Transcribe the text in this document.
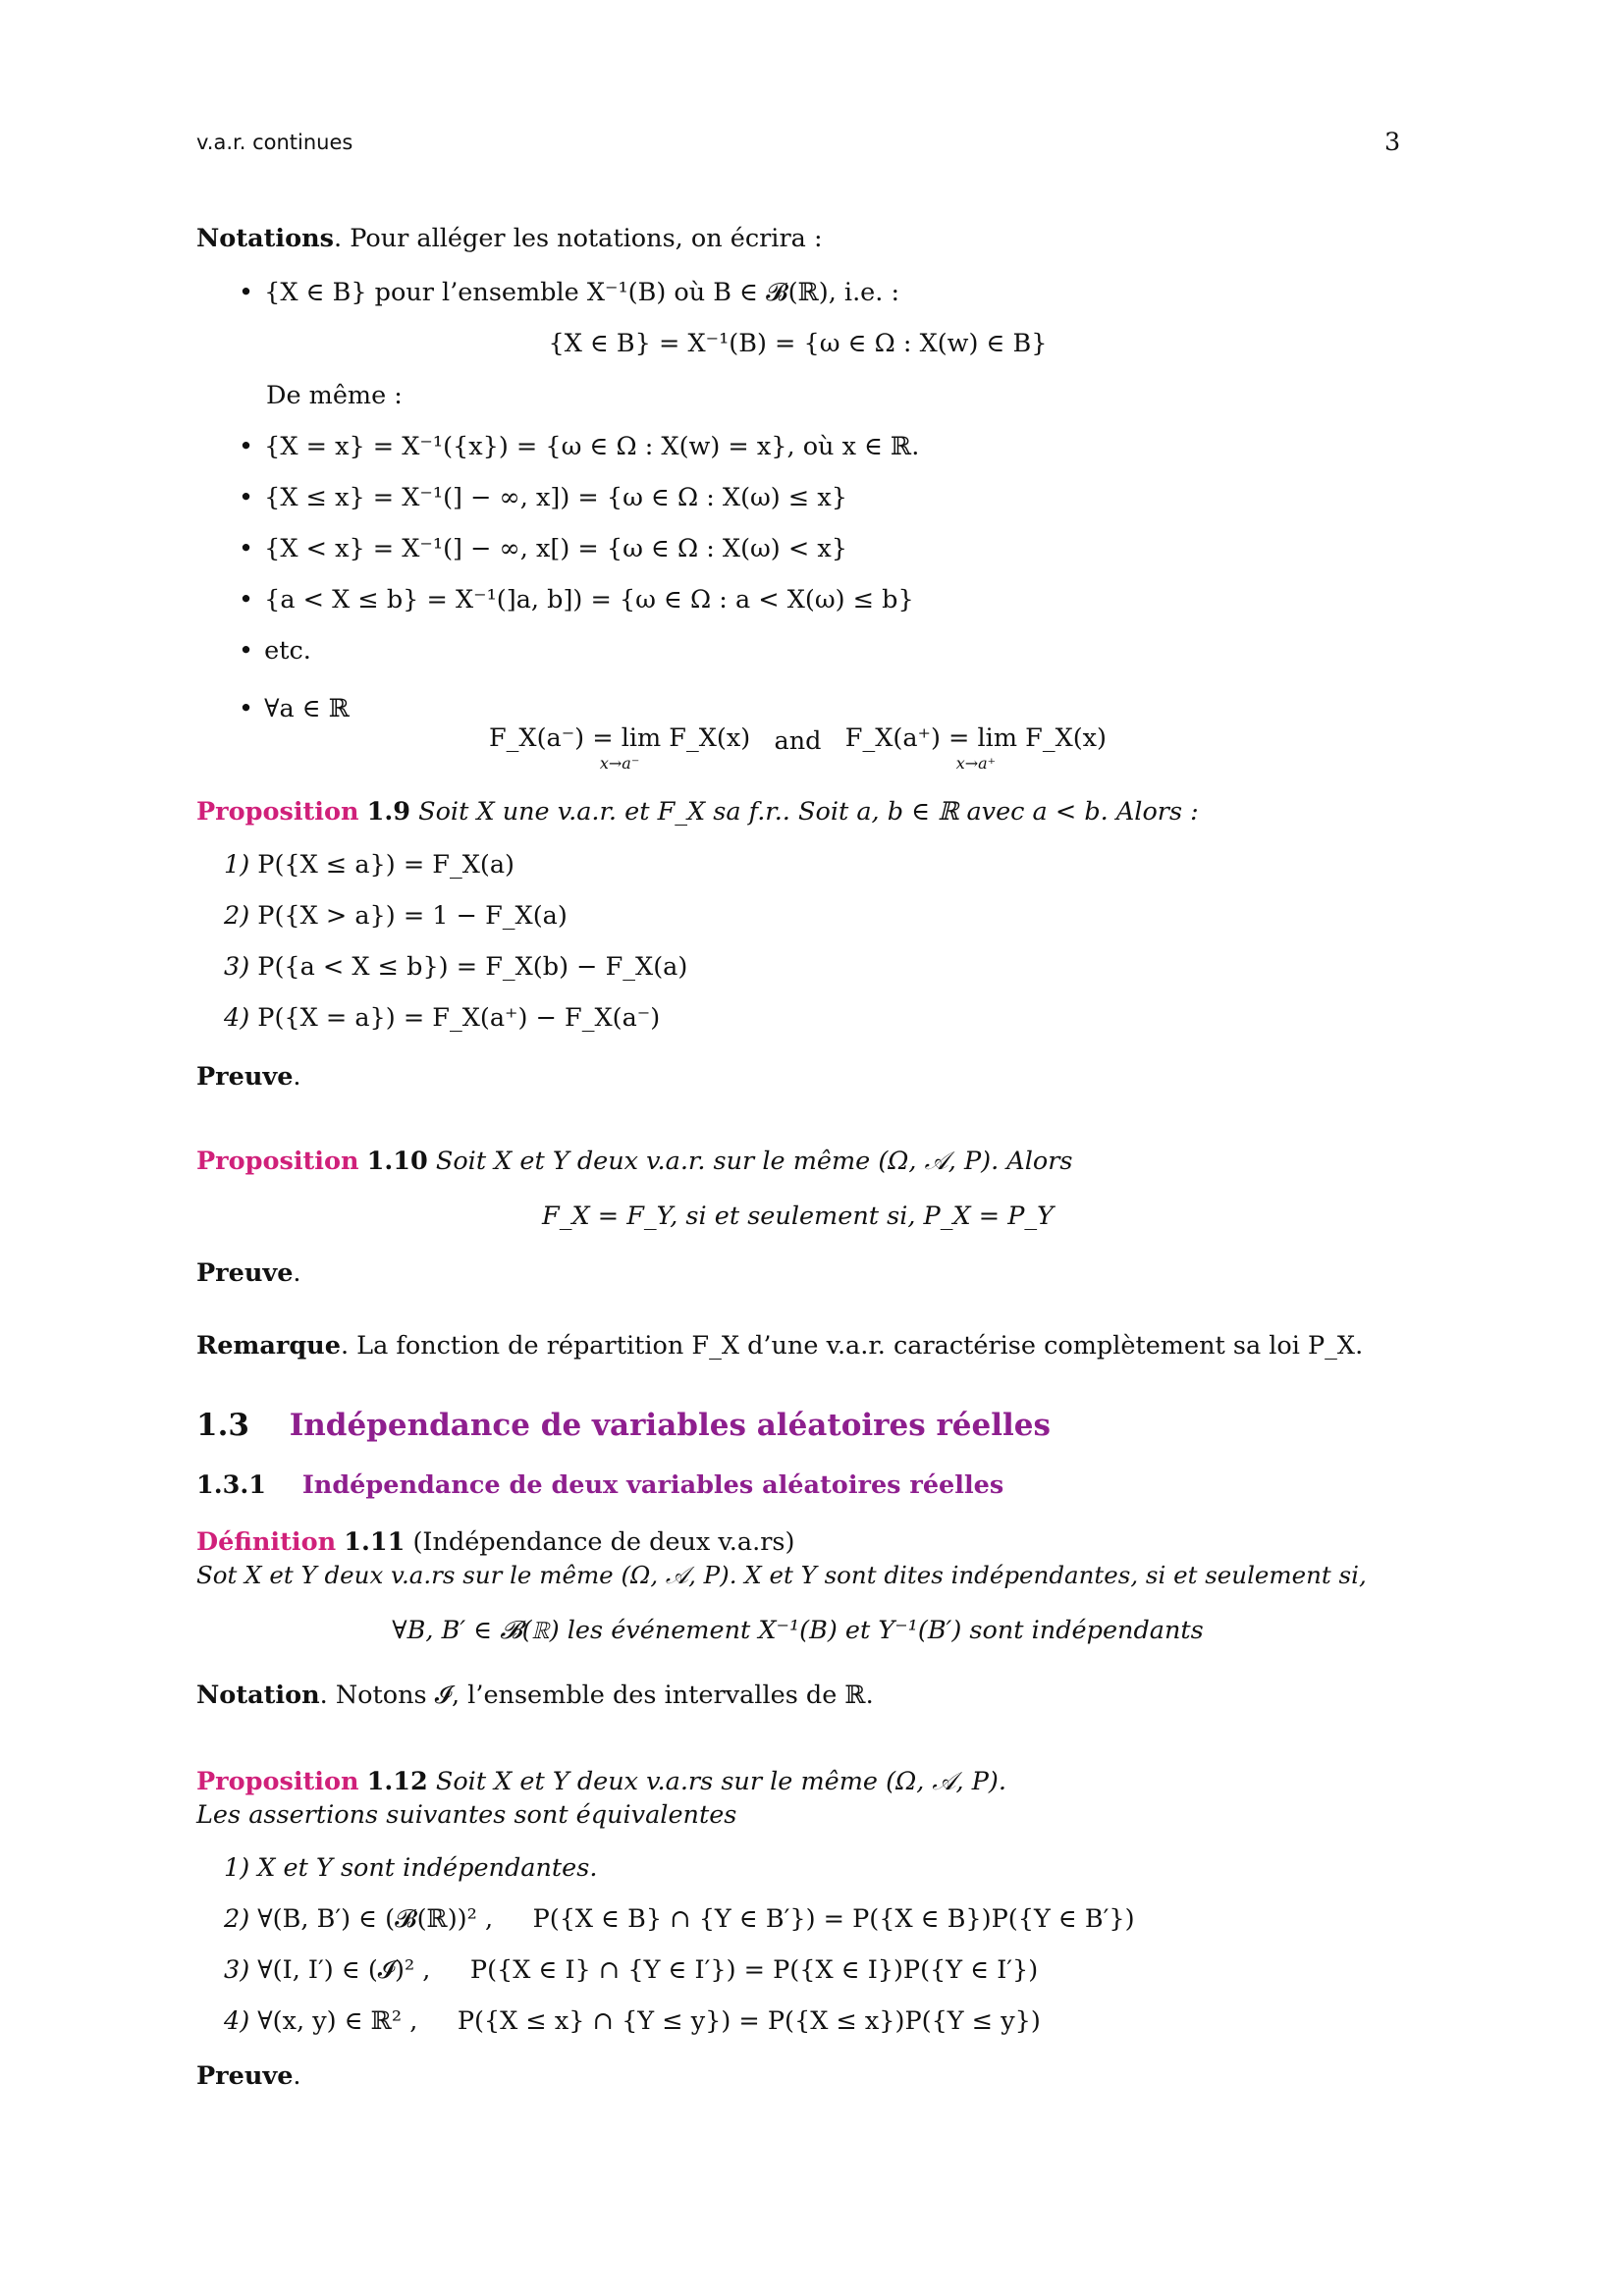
v.a.r. continues	3
Notations. Pour alléger les notations, on écrira :
• {X ∈ B} pour l’ensemble X⁻¹(B) où B ∈ 𝓑(ℝ), i.e. :
{X ∈ B} = X⁻¹(B) = {ω ∈ Ω : X(w) ∈ B}
De même :
• {X = x} = X⁻¹({x}) = {ω ∈ Ω : X(w) = x}, où x ∈ ℝ.
• {X ≤ x} = X⁻¹(] − ∞, x]) = {ω ∈ Ω : X(ω) ≤ x}
• {X < x} = X⁻¹(] − ∞, x[) = {ω ∈ Ω : X(ω) < x}
• {a < X ≤ b} = X⁻¹(]a, b]) = {ω ∈ Ω : a < X(ω) ≤ b}
• etc.
• ∀a ∈ ℝ
F_X(a⁻) = lim F_X(x)
x→a⁻
and F_X(a⁺) = lim F_X(x)
x→a⁺
Proposition 1.9 Soit X une v.a.r. et F_X sa f.r.. Soit a, b ∈ ℝ avec a < b. Alors :
1) P({X ≤ a}) = F_X(a)
2) P({X > a}) = 1 − F_X(a)
3) P({a < X ≤ b}) = F_X(b) − F_X(a)
4) P({X = a}) = F_X(a⁺) − F_X(a⁻)
Preuve.
Proposition 1.10 Soit X et Y deux v.a.r. sur le même (Ω, 𝒜, P). Alors
F_X = F_Y, si et seulement si, P_X = P_Y
Preuve.
Remarque. La fonction de répartition F_X d’une v.a.r. caractérise complètement sa loi P_X.
1.3 Indépendance de variables aléatoires réelles
1.3.1 Indépendance de deux variables aléatoires réelles
Définition 1.11 (Indépendance de deux v.a.rs)
Sot X et Y deux v.a.rs sur le même (Ω, 𝒜, P). X et Y sont dites indépendantes, si et seulement si,
∀B, B′ ∈ 𝓑(ℝ) les événement X⁻¹(B) et Y⁻¹(B′) sont indépendants
Notation. Notons 𝓘, l’ensemble des intervalles de ℝ.
Proposition 1.12 Soit X et Y deux v.a.rs sur le même (Ω, 𝒜, P).
Les assertions suivantes sont équivalentes
1) X et Y sont indépendantes.
2) ∀(B, B′) ∈ (𝓑(ℝ))² ,     P({X ∈ B} ∩ {Y ∈ B′}) = P({X ∈ B})P({Y ∈ B′})
3) ∀(I, I′) ∈ (𝓘)² ,     P({X ∈ I} ∩ {Y ∈ I′}) = P({X ∈ I})P({Y ∈ I′})
4) ∀(x, y) ∈ ℝ² ,     P({X ≤ x} ∩ {Y ≤ y}) = P({X ≤ x})P({Y ≤ y})
Preuve.
